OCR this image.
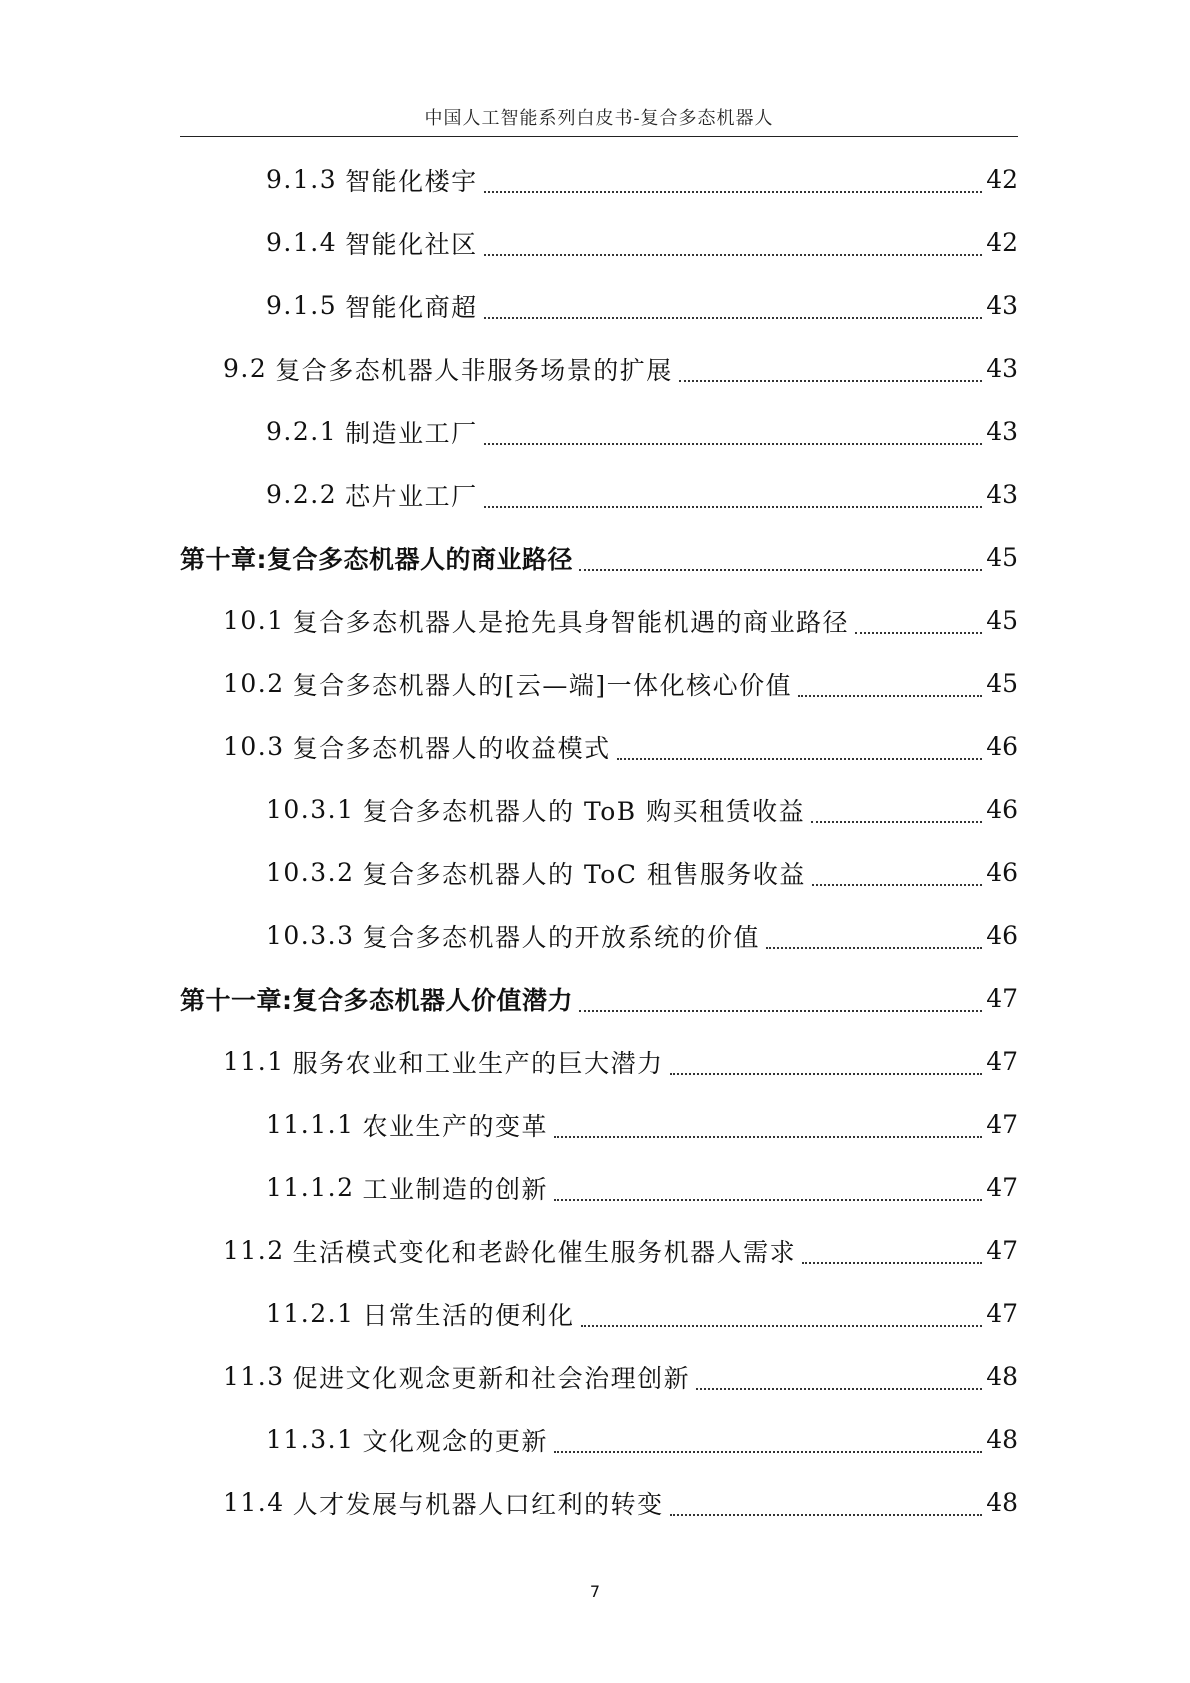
中国人工智能系列白皮书-复合多态机器人
9.1.3 智能化楼宇	42
9.1.4 智能化社区	42
9.1.5 智能化商超	43
9.2 复合多态机器人非服务场景的扩展	43
9.2.1 制造业工厂	43
9.2.2 芯片业工厂	43
第十章 :复合多态机器人的商业路径	45
10.1 复合多态机器人是抢先具身智能机遇的商业路径	45
10.2 复合多态机器人的[云—端]一体化核心价值	45
10.3 复合多态机器人的收益模式	46
10.3.1 复合多态机器人的 ToB 购买租赁收益	46
10.3.2 复合多态机器人的 ToC 租售服务收益	46
10.3.3 复合多态机器人的开放系统的价值	46
第十一章 :复合多态机器人价值潜力	47
11.1 服务农业和工业生产的巨大潜力	47
11.1.1 农业生产的变革	47
11.1.2 工业制造的创新	47
11.2 生活模式变化和老龄化催生服务机器人需求	47
11.2.1 日常生活的便利化	47
11.3 促进文化观念更新和社会治理创新	48
11.3.1 文化观念的更新	48
11.4 人才发展与机器人口红利的转变	48
7
